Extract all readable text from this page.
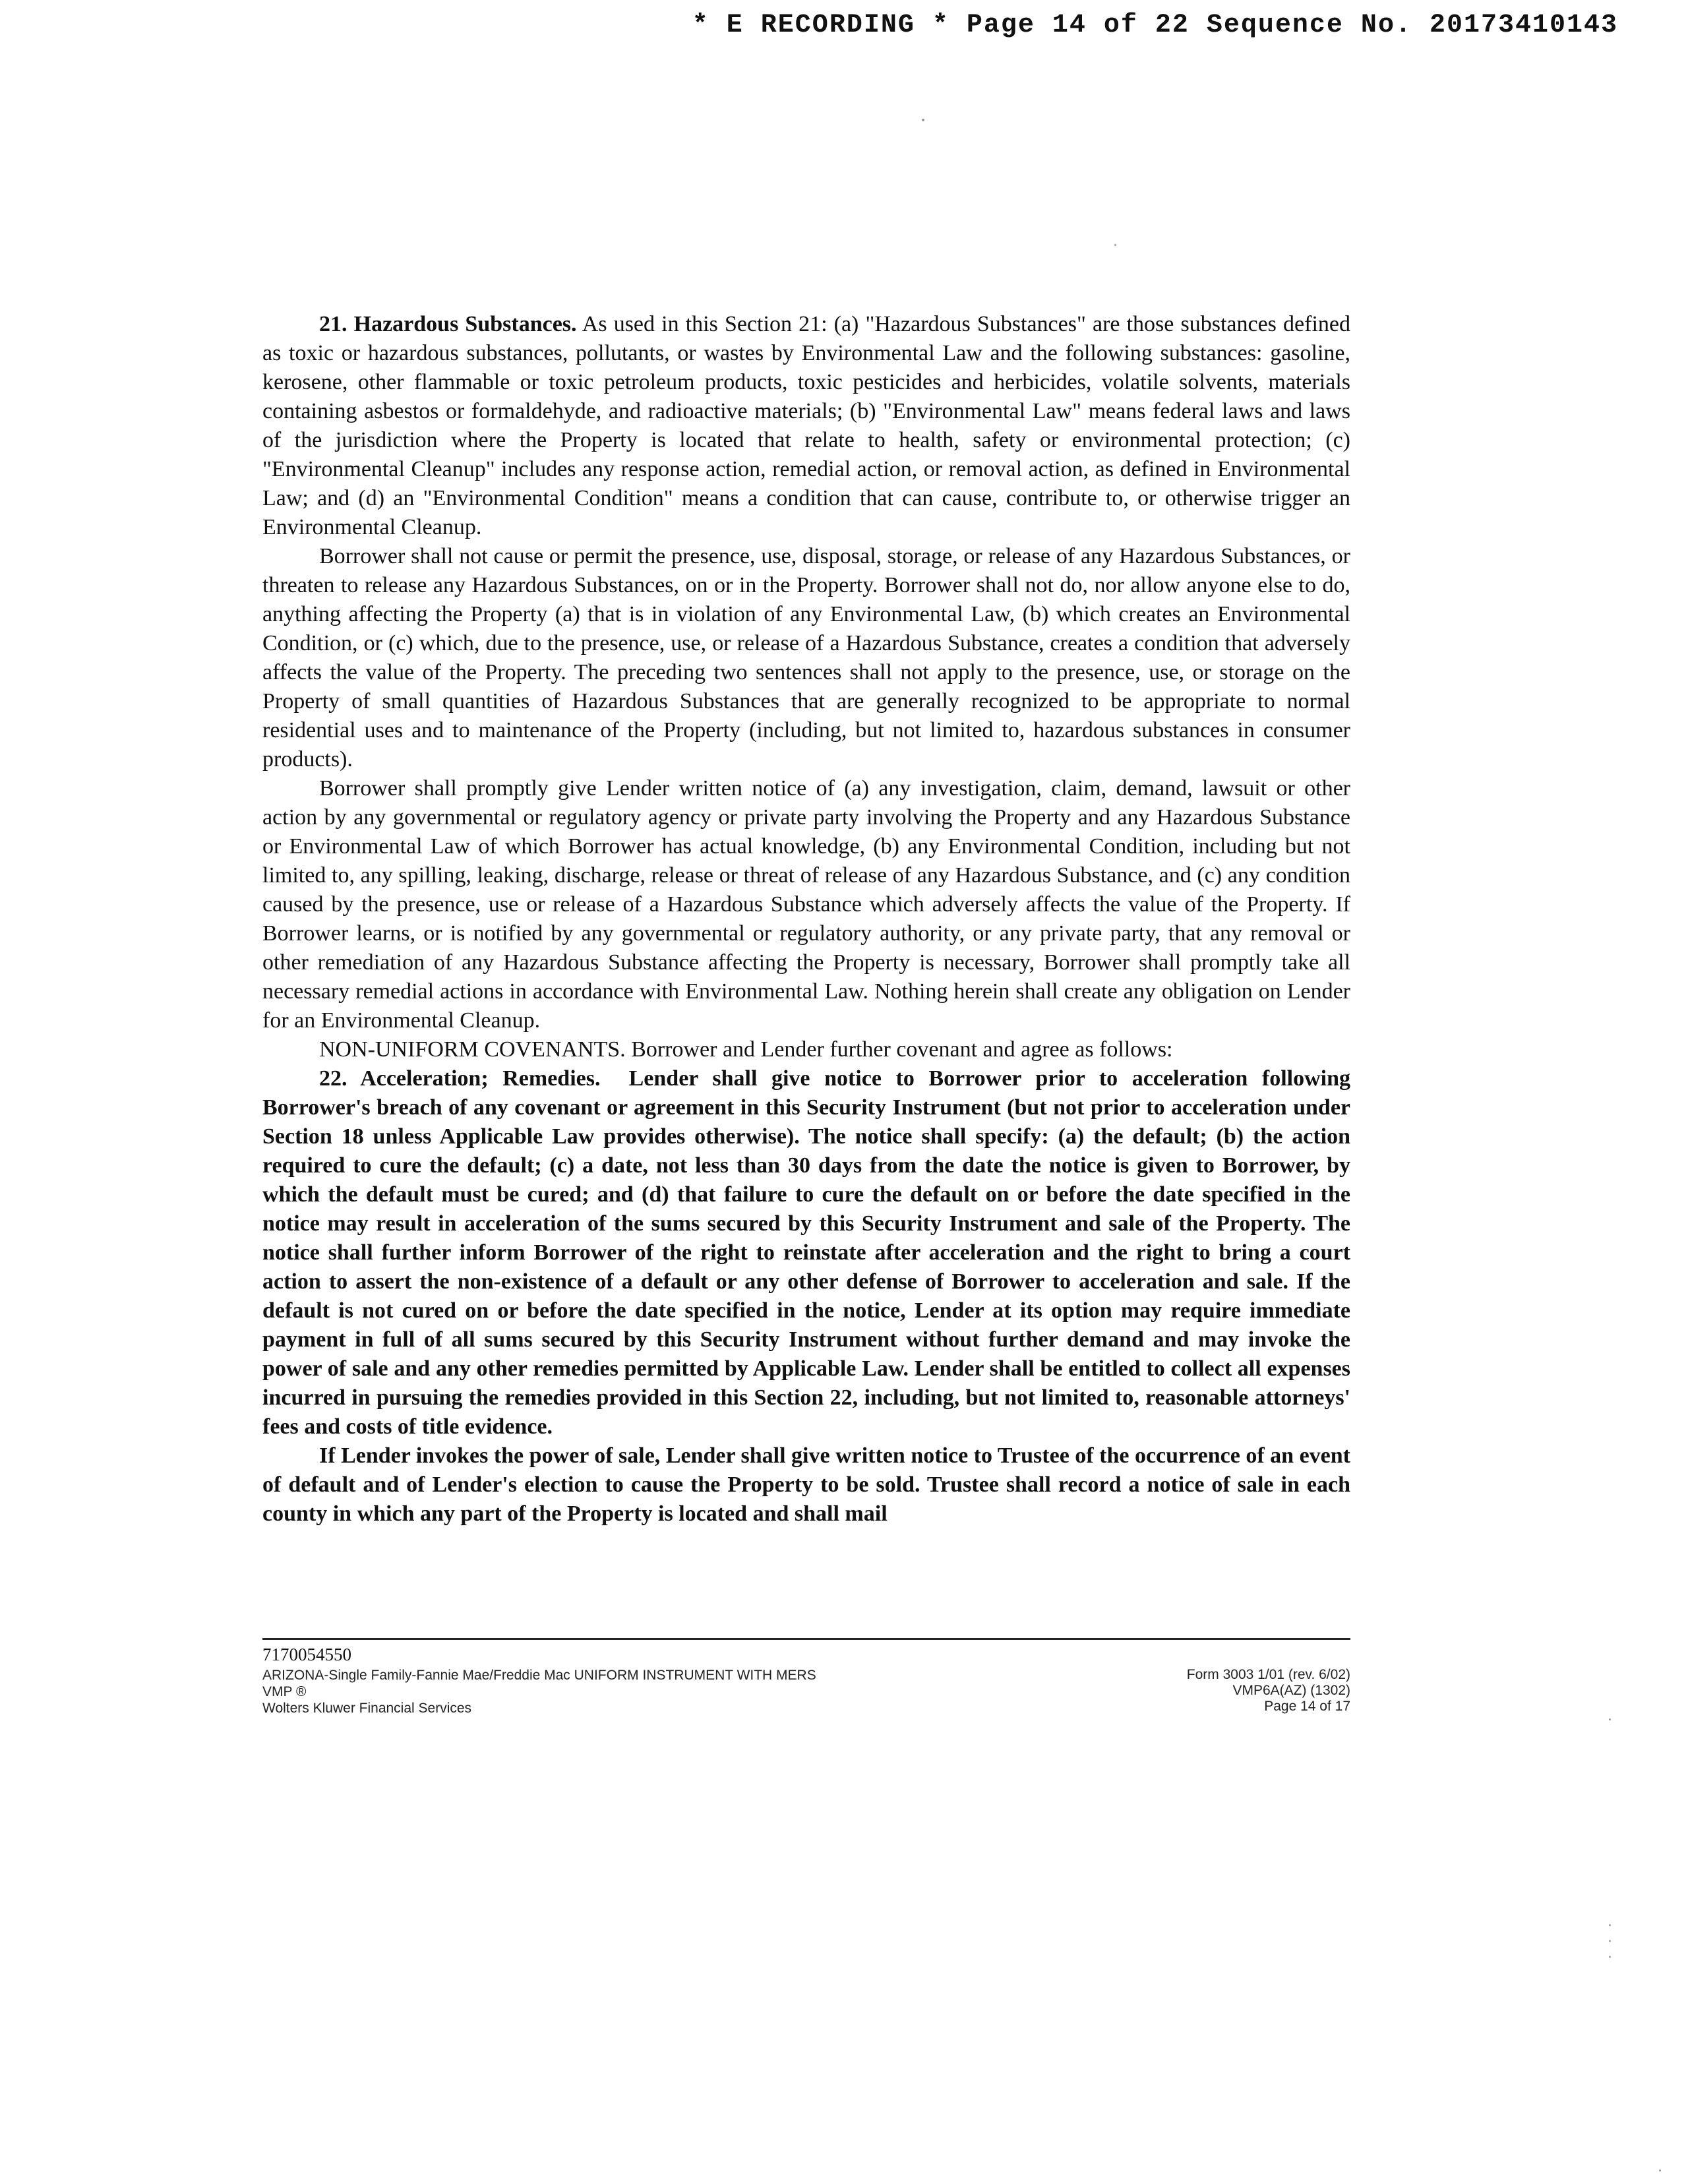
* E RECORDING * Page 14 of 22 Sequence No. 20173410143

21. Hazardous Substances. As used in this Section 21: (a) "Hazardous Substances" are those substances defined as toxic or hazardous substances, pollutants, or wastes by Environmental Law and the following substances: gasoline, kerosene, other flammable or toxic petroleum products, toxic pesticides and herbicides, volatile solvents, materials containing asbestos or formaldehyde, and radioactive materials; (b) "Environmental Law" means federal laws and laws of the jurisdiction where the Property is located that relate to health, safety or environmental protection; (c) "Environmental Cleanup" includes any response action, remedial action, or removal action, as defined in Environmental Law; and (d) an "Environmental Condition" means a condition that can cause, contribute to, or otherwise trigger an Environmental Cleanup.

Borrower shall not cause or permit the presence, use, disposal, storage, or release of any Hazardous Substances, or threaten to release any Hazardous Substances, on or in the Property. Borrower shall not do, nor allow anyone else to do, anything affecting the Property (a) that is in violation of any Environmental Law, (b) which creates an Environmental Condition, or (c) which, due to the presence, use, or release of a Hazardous Substance, creates a condition that adversely affects the value of the Property. The preceding two sentences shall not apply to the presence, use, or storage on the Property of small quantities of Hazardous Substances that are generally recognized to be appropriate to normal residential uses and to maintenance of the Property (including, but not limited to, hazardous substances in consumer products).

Borrower shall promptly give Lender written notice of (a) any investigation, claim, demand, lawsuit or other action by any governmental or regulatory agency or private party involving the Property and any Hazardous Substance or Environmental Law of which Borrower has actual knowledge, (b) any Environmental Condition, including but not limited to, any spilling, leaking, discharge, release or threat of release of any Hazardous Substance, and (c) any condition caused by the presence, use or release of a Hazardous Substance which adversely affects the value of the Property. If Borrower learns, or is notified by any governmental or regulatory authority, or any private party, that any removal or other remediation of any Hazardous Substance affecting the Property is necessary, Borrower shall promptly take all necessary remedial actions in accordance with Environmental Law. Nothing herein shall create any obligation on Lender for an Environmental Cleanup.

NON-UNIFORM COVENANTS. Borrower and Lender further covenant and agree as follows:

22. Acceleration; Remedies. Lender shall give notice to Borrower prior to acceleration following Borrower's breach of any covenant or agreement in this Security Instrument (but not prior to acceleration under Section 18 unless Applicable Law provides otherwise). The notice shall specify: (a) the default; (b) the action required to cure the default; (c) a date, not less than 30 days from the date the notice is given to Borrower, by which the default must be cured; and (d) that failure to cure the default on or before the date specified in the notice may result in acceleration of the sums secured by this Security Instrument and sale of the Property. The notice shall further inform Borrower of the right to reinstate after acceleration and the right to bring a court action to assert the non-existence of a default or any other defense of Borrower to acceleration and sale. If the default is not cured on or before the date specified in the notice, Lender at its option may require immediate payment in full of all sums secured by this Security Instrument without further demand and may invoke the power of sale and any other remedies permitted by Applicable Law. Lender shall be entitled to collect all expenses incurred in pursuing the remedies provided in this Section 22, including, but not limited to, reasonable attorneys' fees and costs of title evidence.

If Lender invokes the power of sale, Lender shall give written notice to Trustee of the occurrence of an event of default and of Lender's election to cause the Property to be sold. Trustee shall record a notice of sale in each county in which any part of the Property is located and shall mail

7170054550
ARIZONA-Single Family-Fannie Mae/Freddie Mac UNIFORM INSTRUMENT WITH MERS
VMP ®
Wolters Kluwer Financial Services
Form 3003 1/01 (rev. 6/02)
VMP6A(AZ) (1302)
Page 14 of 17
